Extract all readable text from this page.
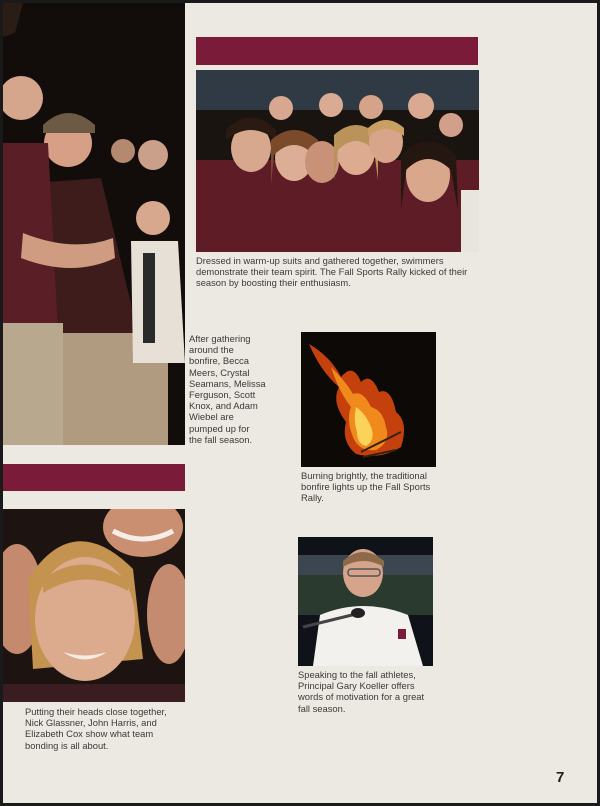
Dressed in warm-up suits and gathered together, swimmers demonstrate their team spirit. The Fall Sports Rally kicked of their season by boosting their enthusiasm.
After gathering
around the
bonfire, Becca
Meers, Crystal
Seamans, Melissa
Ferguson, Scott
Knox, and Adam
Wiebel are
pumped up for
the fall season.
Burning brightly, the traditional
bonfire lights up the Fall Sports
Rally.
Putting their heads close together,
Nick Glassner, John Harris, and
Elizabeth Cox show what team
bonding is all about.
Speaking to the fall athletes,
Principal Gary Koeller offers
words of motivation for a great
fall season.
7
